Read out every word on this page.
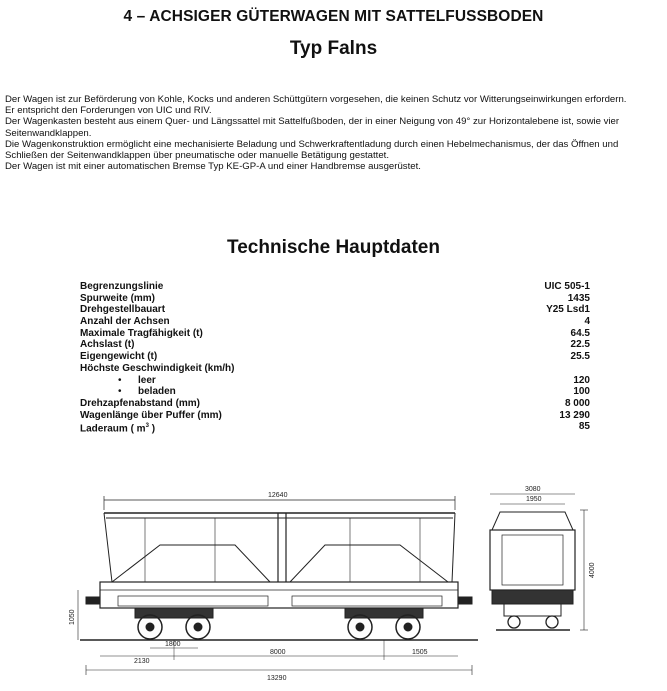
4 – ACHSIGER GÜTERWAGEN MIT SATTELFUSSBODEN
Typ Falns

Der Wagen ist zur Beförderung von Kohle, Kocks und anderen Schüttgütern vorgesehen, die keinen Schutz vor Witterungseinwirkungen erfordern.

Er entspricht den Forderungen von UIC und RIV.

Der Wagenkasten besteht aus einem Quer- und Längssattel mit Sattelfußboden, der in einer Neigung von 49° zur Horizontalebene ist, sowie vier Seitenwandklappen.

Die Wagenkonstruktion ermöglicht eine mechanisierte Beladung und Schwerkraftentladung durch einen Hebelmechanismus, der das Öffnen und Schließen der Seitenwandklappen über pneumatische oder manuelle Betätigung gestattet.

Der Wagen ist mit einer automatischen Bremse Typ KE-GP-A und einer Handbremse ausgerüstet.

Technische Hauptdaten
Begrenzungslinie	UIC 505-1
Spurweite (mm)	1435
Drehgestellbauart	Y25 Lsd1
Anzahl der Achsen	4
Maximale Tragfähigkeit (t)	64.5
Achslast (t)	22.5
Eigengewicht (t)	25.5
Höchste Geschwindigkeit (km/h)
• leer	120
• beladen	100
Drehzapfenabstand (mm)	8 000
Wagenlänge über Puffer (mm)	13 290
Laderaum ( $m^3$ )	85
12640
1050
1800
8000
2130
1505
13290
3080
1950
4000
